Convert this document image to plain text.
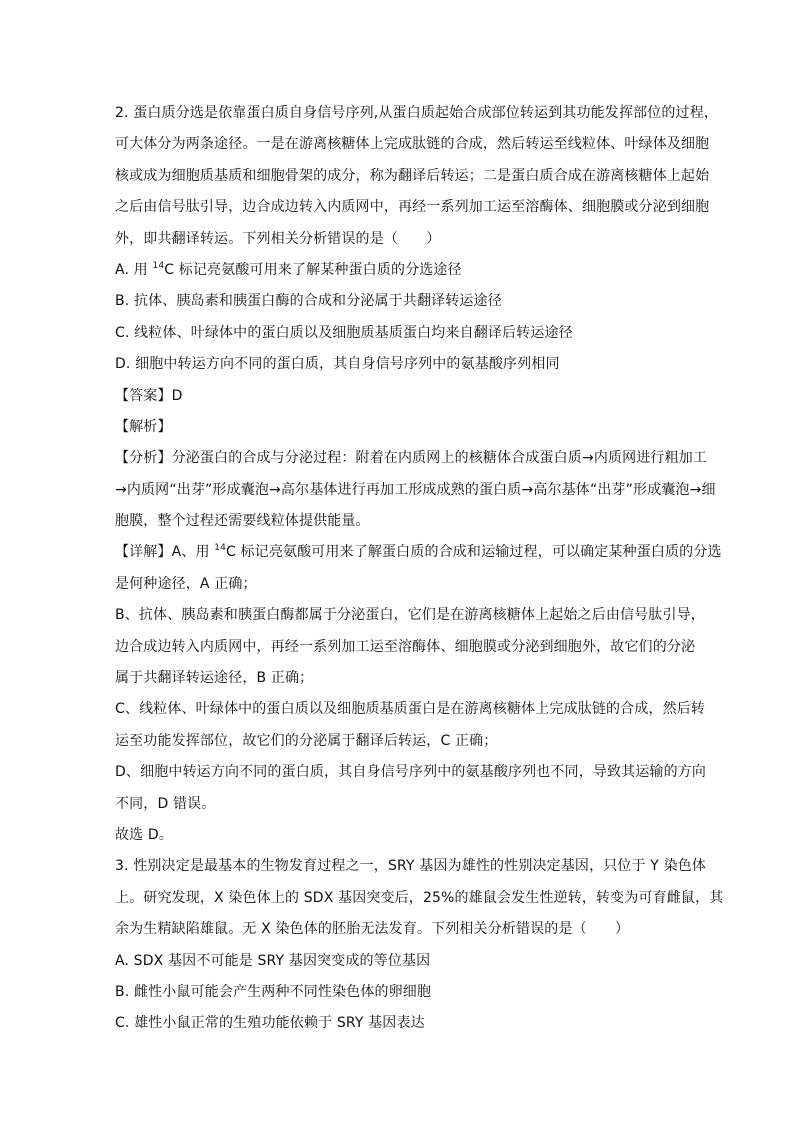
2. 蛋白质分选是依靠蛋白质自身信号序列,从蛋白质起始合成部位转运到其功能发挥部位的过程，
可大体分为两条途径。一是在游离核糖体上完成肽链的合成，然后转运至线粒体、叶绿体及细胞
核或成为细胞质基质和细胞骨架的成分，称为翻译后转运；二是蛋白质合成在游离核糖体上起始
之后由信号肽引导，边合成边转入内质网中，再经一系列加工运至溶酶体、细胞膜或分泌到细胞
外，即共翻译转运。下列相关分析错误的是（　　）
A. 用 $^{14}$C 标记亮氨酸可用来了解某种蛋白质的分选途径
B. 抗体、胰岛素和胰蛋白酶的合成和分泌属于共翻译转运途径
C. 线粒体、叶绿体中的蛋白质以及细胞质基质蛋白均来自翻译后转运途径
D. 细胞中转运方向不同的蛋白质，其自身信号序列中的氨基酸序列相同
【答案】D
【解析】
【分析】分泌蛋白的合成与分泌过程：附着在内质网上的核糖体合成蛋白质→内质网进行粗加工
→内质网“出芽”形成囊泡→高尔基体进行再加工形成成熟的蛋白质→高尔基体“出芽”形成囊泡→细
胞膜，整个过程还需要线粒体提供能量。
【详解】A、用 $^{14}$C 标记亮氨酸可用来了解蛋白质的合成和运输过程，可以确定某种蛋白质的分选
是何种途径，A 正确；
B、抗体、胰岛素和胰蛋白酶都属于分泌蛋白，它们是在游离核糖体上起始之后由信号肽引导，
边合成边转入内质网中，再经一系列加工运至溶酶体、细胞膜或分泌到细胞外，故它们的分泌
属于共翻译转运途径，B 正确；
C、线粒体、叶绿体中的蛋白质以及细胞质基质蛋白是在游离核糖体上完成肽链的合成，然后转
运至功能发挥部位，故它们的分泌属于翻译后转运，C 正确；
D、细胞中转运方向不同的蛋白质，其自身信号序列中的氨基酸序列也不同，导致其运输的方向
不同，D 错误。
故选 D。
3. 性别决定是最基本的生物发育过程之一，SRY 基因为雄性的性别决定基因，只位于 Y 染色体
上。研究发现，X 染色体上的 SDX 基因突变后，25%的雄鼠会发生性逆转，转变为可育雌鼠，其
余为生精缺陷雄鼠。无 X 染色体的胚胎无法发育。下列相关分析错误的是（　　）
A. SDX 基因不可能是 SRY 基因突变成的等位基因
B. 雌性小鼠可能会产生两种不同性染色体的卵细胞
C. 雄性小鼠正常的生殖功能依赖于 SRY 基因表达
